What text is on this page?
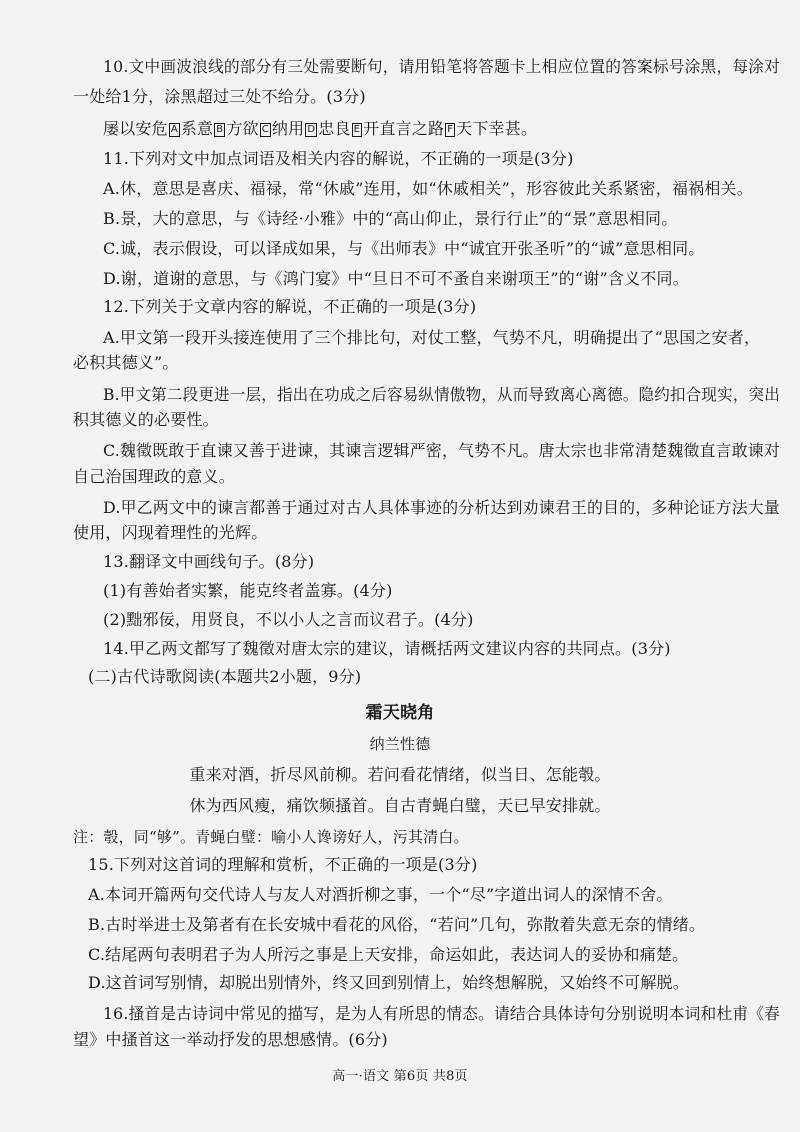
10.文中画波浪线的部分有三处需要断句，请用铅笔将答题卡上相应位置的答案标号涂黑，每涂对
一处给1分，涂黑超过三处不给分。(3分)
屡以安危 A 系意 B 方欲 C 纳用 D 忠良 E 开直言之路 F 天下幸甚。
11.下列对文中加点词语及相关内容的解说，不正确的一项是(3分)
A.休，意思是喜庆、福禄，常“休戚”连用，如“休戚相关”，形容彼此关系紧密，福祸相关。
B.景，大的意思，与《诗经·小雅》中的“高山仰止，景行行止”的“景”意思相同。
C.诚，表示假设，可以译成如果，与《出师表》中“诚宜开张圣听”的“诚”意思相同。
D.谢，道谢的意思，与《鸿门宴》中“旦日不可不蚤自来谢项王”的“谢”含义不同。
12.下列关于文章内容的解说，不正确的一项是(3分)
A.甲文第一段开头接连使用了三个排比句，对仗工整，气势不凡，明确提出了“思国之安者，
必积其德义”。
B.甲文第二段更进一层，指出在功成之后容易纵情傲物，从而导致离心离德。隐约扣合现实，突出
积其德义的必要性。
C.魏徵既敢于直谏又善于进谏，其谏言逻辑严密，气势不凡。唐太宗也非常清楚魏徵直言敢谏对
自己治国理政的意义。
D.甲乙两文中的谏言都善于通过对古人具体事迹的分析达到劝谏君王的目的，多种论证方法大量
使用，闪现着理性的光辉。
13.翻译文中画线句子。(8分)
(1)有善始者实繁，能克终者盖寡。(4分)
(2)黜邪佞，用贤良，不以小人之言而议君子。(4分)
14.甲乙两文都写了魏徵对唐太宗的建议，请概括两文建议内容的共同点。(3分)
(二)古代诗歌阅读(本题共2小题，9分)
霜天晓角
纳兰性德
重来对酒，折尽风前柳。若问看花情绪，似当日、怎能彀。
休为西风瘦，痛饮频搔首。自古青蝇白璧，天已早安排就。
注：彀，同“够”。青蝇白璧：喻小人谗谤好人，污其清白。
15.下列对这首词的理解和赏析，不正确的一项是(3分)
A.本词开篇两句交代诗人与友人对酒折柳之事，一个“尽”字道出词人的深情不舍。
B.古时举进士及第者有在长安城中看花的风俗，“若问”几句，弥散着失意无奈的情绪。
C.结尾两句表明君子为人所污之事是上天安排，命运如此，表达词人的妥协和痛楚。
D.这首词写别情，却脱出别情外，终又回到别情上，始终想解脱，又始终不可解脱。
16.搔首是古诗词中常见的描写，是为人有所思的情态。请结合具体诗句分别说明本词和杜甫《春
望》中搔首这一举动抒发的思想感情。(6分)
高一·语文 第6页 共8页
